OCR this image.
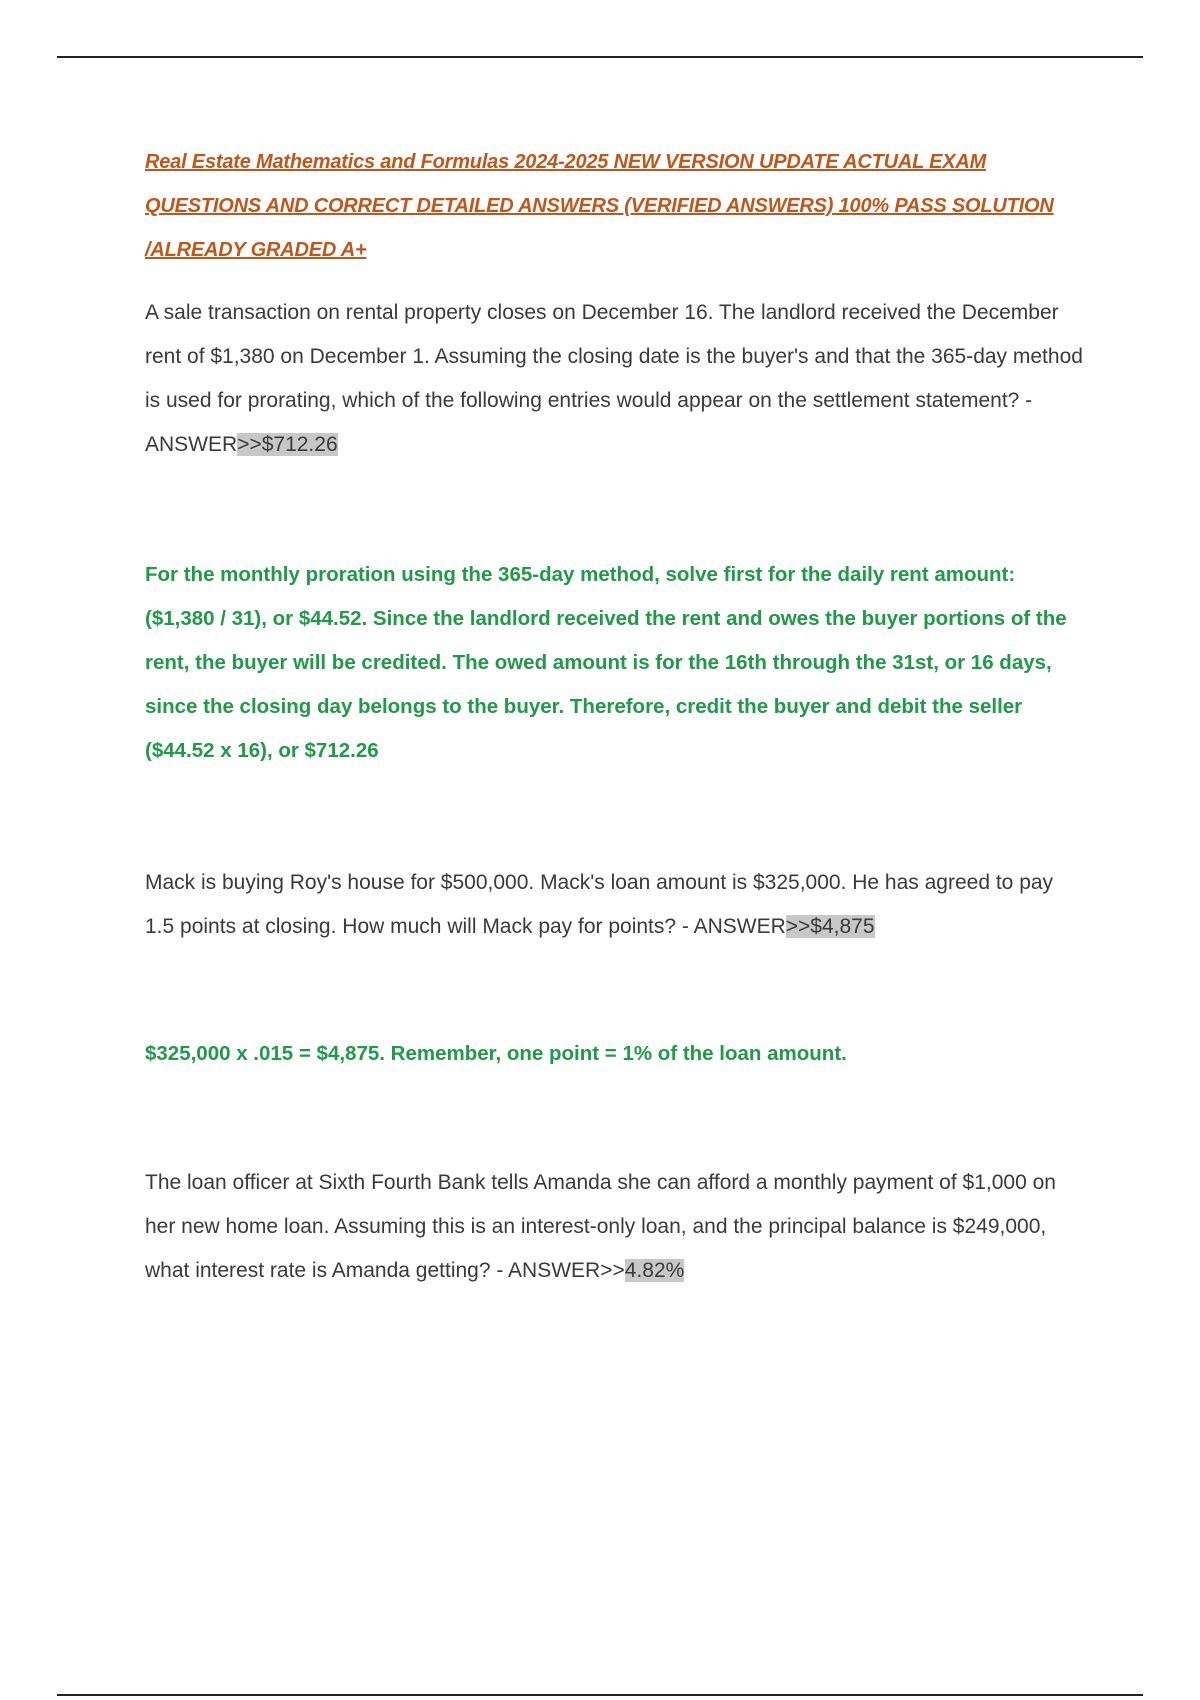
Real Estate Mathematics and Formulas 2024-2025 NEW VERSION UPDATE ACTUAL EXAM QUESTIONS AND CORRECT DETAILED ANSWERS (VERIFIED ANSWERS) 100% PASS SOLUTION /ALREADY GRADED A+
A sale transaction on rental property closes on December 16. The landlord received the December rent of $1,380 on December 1. Assuming the closing date is the buyer's and that the 365-day method is used for prorating, which of the following entries would appear on the settlement statement? - ANSWER>>$712.26
For the monthly proration using the 365-day method, solve first for the daily rent amount: ($1,380 / 31), or $44.52. Since the landlord received the rent and owes the buyer portions of the rent, the buyer will be credited. The owed amount is for the 16th through the 31st, or 16 days, since the closing day belongs to the buyer. Therefore, credit the buyer and debit the seller ($44.52 x 16), or $712.26
Mack is buying Roy's house for $500,000. Mack's loan amount is $325,000. He has agreed to pay 1.5 points at closing. How much will Mack pay for points? - ANSWER>>$4,875
$325,000 x .015 = $4,875. Remember, one point = 1% of the loan amount.
The loan officer at Sixth Fourth Bank tells Amanda she can afford a monthly payment of $1,000 on her new home loan. Assuming this is an interest-only loan, and the principal balance is $249,000, what interest rate is Amanda getting? - ANSWER>>4.82%
